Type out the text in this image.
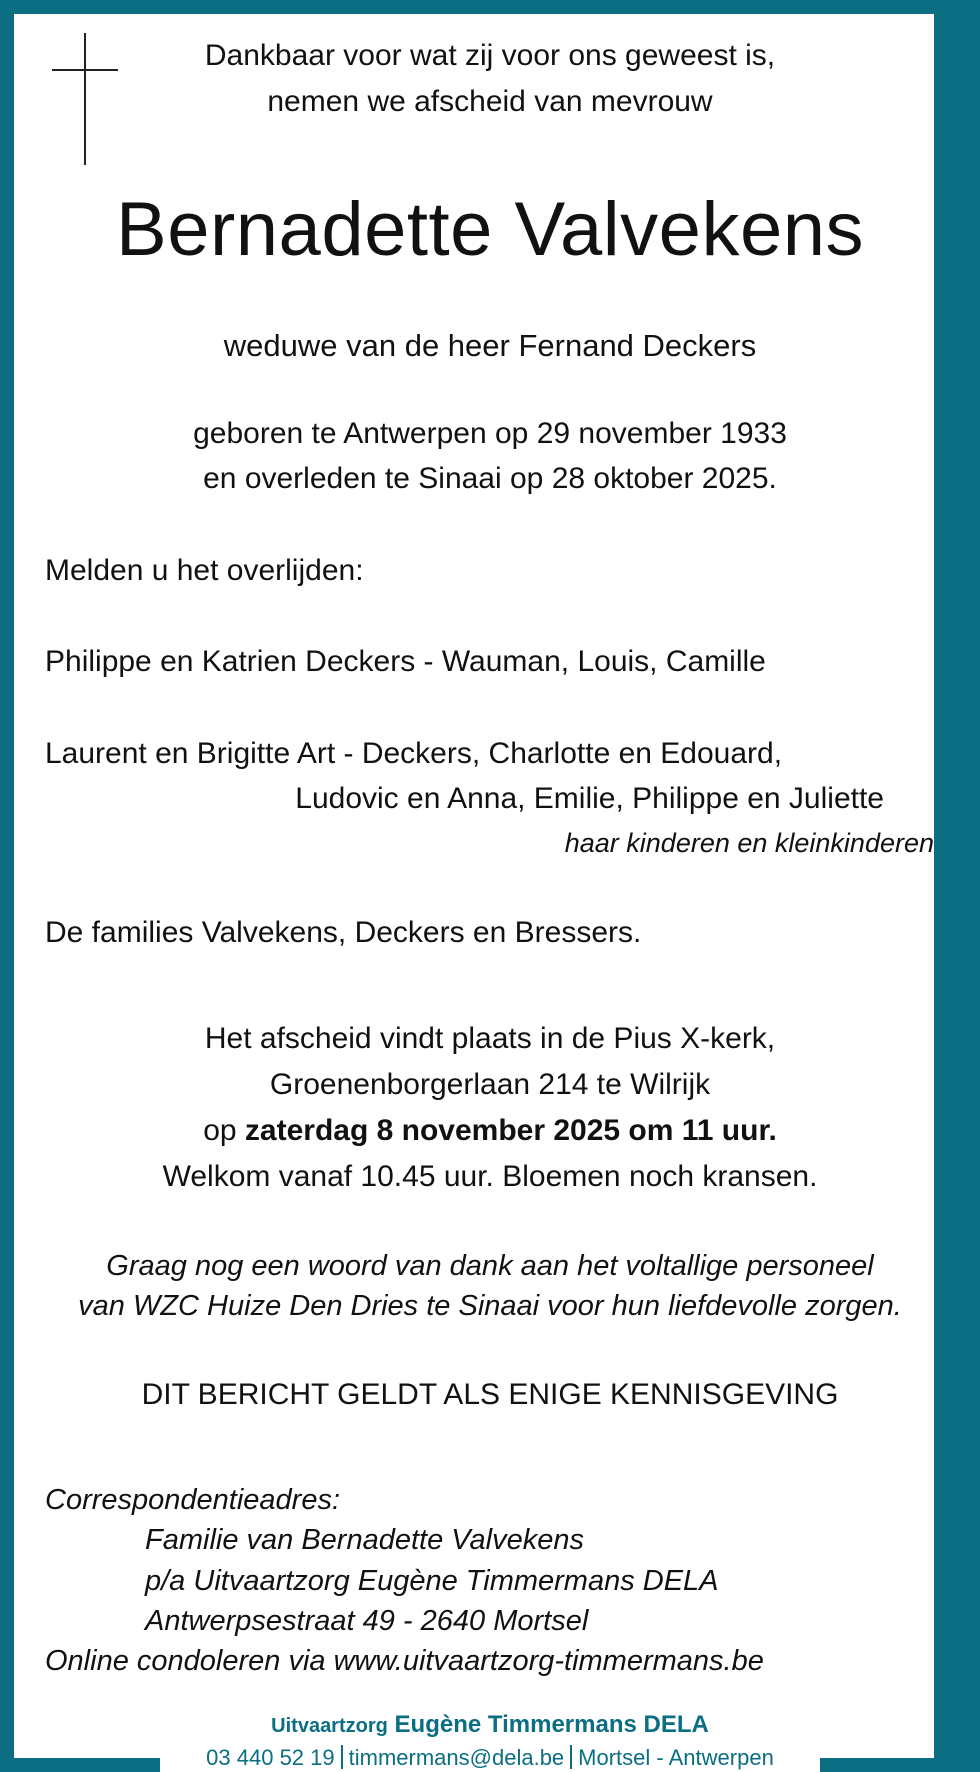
Dankbaar voor wat zij voor ons geweest is,
nemen we afscheid van mevrouw
Bernadette Valvekens
weduwe van de heer Fernand Deckers
geboren te Antwerpen op 29 november 1933
en overleden te Sinaai op 28 oktober 2025.
Melden u het overlijden:
Philippe en Katrien Deckers - Wauman, Louis, Camille
Laurent en Brigitte Art - Deckers, Charlotte en Edouard,
Ludovic en Anna, Emilie, Philippe en Juliette
haar kinderen en kleinkinderen
De families Valvekens, Deckers en Bressers.
Het afscheid vindt plaats in de Pius X-kerk,
Groenenborgerlaan 214 te Wilrijk
op zaterdag 8 november 2025 om 11 uur.
Welkom vanaf 10.45 uur. Bloemen noch kransen.
Graag nog een woord van dank aan het voltallige personeel
van WZC Huize Den Dries te Sinaai voor hun liefdevolle zorgen.
DIT BERICHT GELDT ALS ENIGE KENNISGEVING
Correspondentieadres:
Familie van Bernadette Valvekens
p/a Uitvaartzorg Eugène Timmermans DELA
Antwerpsestraat 49 - 2640 Mortsel
Online condoleren via www.uitvaartzorg-timmermans.be
Uitvaartzorg Eugène Timmermans DELA
03 440 52 19 timmermans@dela.be Mortsel - Antwerpen
